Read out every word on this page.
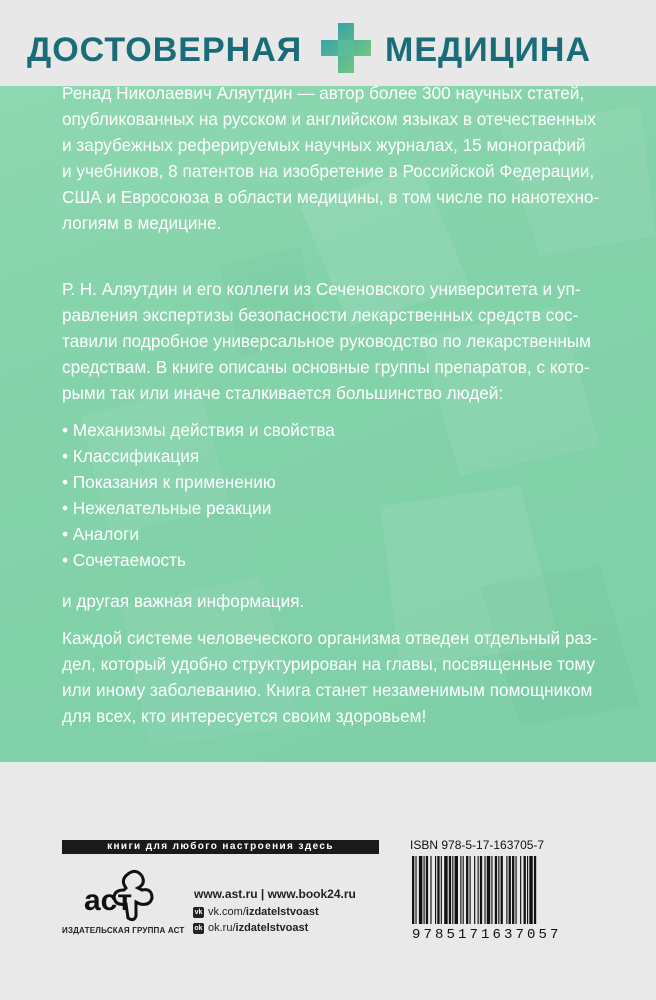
ДОСТОВЕРНАЯ МЕДИЦИНА
Ренад Николаевич Аляутдин — автор более 300 научных статей,
опубликованных на русском и английском языках в отечественных
и зарубежных реферируемых научных журналах, 15 монографий
и учебников, 8 патентов на изобретение в Российской Федерации,
США и Евросоюза в области медицины, в том числе по нанотехно-
логиям в медицине.
Р. Н. Аляутдин и его коллеги из Сеченовского университета и уп-
равления экспертизы безопасности лекарственных средств сос-
тавили подробное универсальное руководство по лекарственным
средствам. В книге описаны основные группы препаратов, с кото-
рыми так или иначе сталкивается большинство людей:
• Механизмы действия и свойства
• Классификация
• Показания к применению
• Нежелательные реакции
• Аналоги
• Сочетаемость
и другая важная информация.
Каждой системе человеческого организма отведен отдельный раз-
дел, который удобно структурирован на главы, посвященные тому
или иному заболеванию. Книга станет незаменимым помощником
для всех, кто интересуется своим здоровьем!
книги для любого настроения здесь
аст
ИЗДАТЕЛЬСКАЯ ГРУППА АСТ
www.ast.ru | www.book24.ru
vk vk.com/izdatelstvoast
ok ok.ru/izdatelstvoast
ISBN 978-5-17-163705-7
9785171637057
